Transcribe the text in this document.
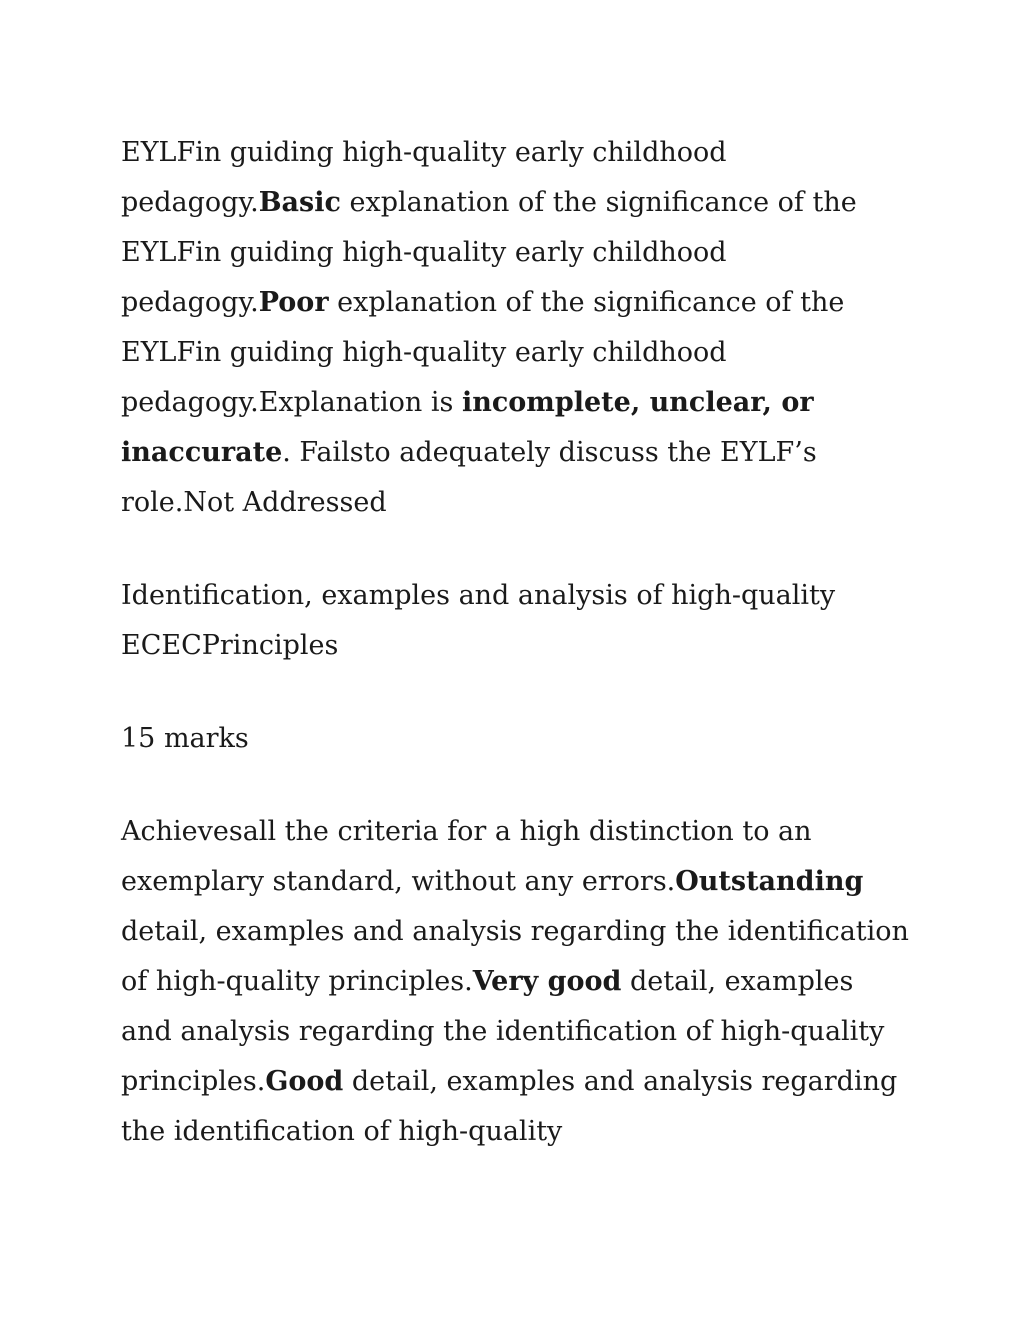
EYLFin guiding high-quality early childhood pedagogy.Basic explanation of the significance of the EYLFin guiding high-quality early childhood pedagogy.Poor explanation of the significance of the EYLFin guiding high-quality early childhood pedagogy.Explanation is incomplete, unclear, or inaccurate. Failsto adequately discuss the EYLF’s role.Not Addressed

Identification, examples and analysis of high-quality ECECPrinciples

15 marks

Achievesall the criteria for a high distinction to an exemplary standard, without any errors.Outstanding detail, examples and analysis regarding the identification of high-quality principles.Very good detail, examples and analysis regarding the identification of high-quality principles.Good detail, examples and analysis regarding the identification of high-quality
